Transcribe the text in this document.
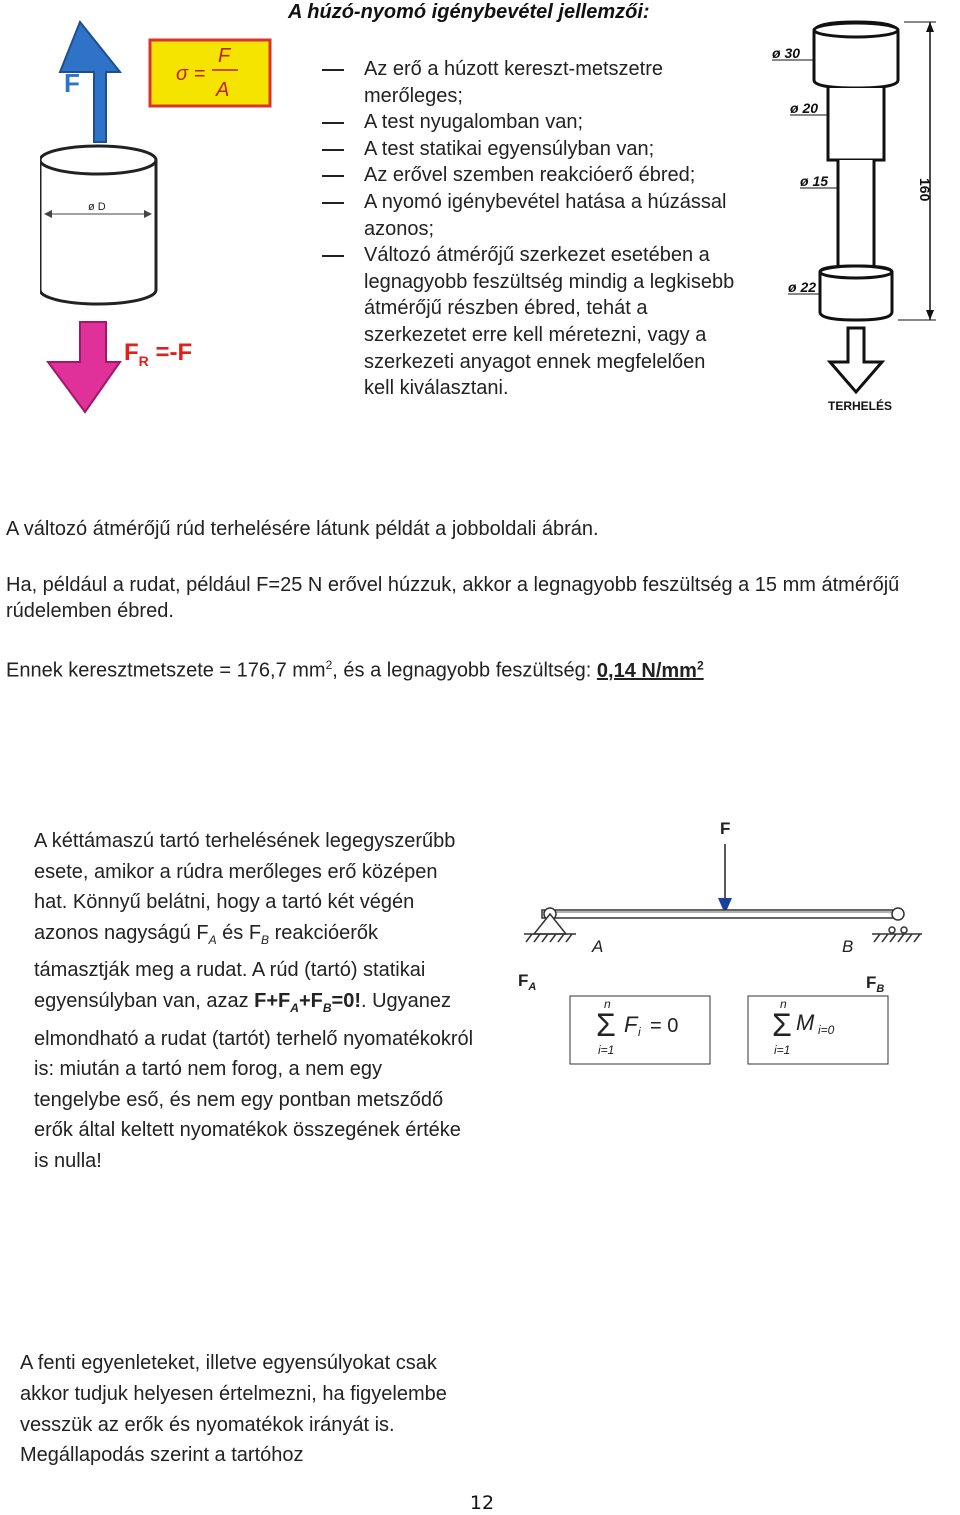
A húzó-nyomó igénybevétel jellemzői:
Az erő a húzott kereszt-metszetre merőleges;
A test nyugalomban van;
A test statikai egyensúlyban van;
Az erővel szemben reakcióerő ébred;
A nyomó igénybevétel hatása a húzással azonos;
Változó átmérőjű szerkezet esetében a legnagyobb feszültség mindig a legkisebb átmérőjű részben ébred, tehát a szerkezetet erre kell méretezni, vagy a szerkezeti anyagot ennek megfelelően kell kiválasztani.
F	σ =
F
A
ø D
$F_R =-F$
ø 30
ø 20
ø 15
ø 22
160
TERHELÉS
A változó átmérőjű rúd terhelésére látunk példát a jobboldali ábrán.
Ha, például a rudat, például F=25 N erővel húzzuk, akkor a legnagyobb feszültség a 15 mm átmérőjű rúdelemben ébred.
Ennek keresztmetszete = 176,7 $mm^2$, és a legnagyobb feszültség: 0,14 $N/mm^2$
A kéttámaszú tartó terhelésének legegyszerűbb esete, amikor a rúdra merőleges erő középen hat. Könnyű belátni, hogy a tartó két végén azonos nagyságú $F_A$ és $F_B$ reakcióerők támasztják meg a rudat. A rúd (tartó) statikai egyensúlyban van, azaz $F+F_A+F_B=0$!. Ugyanez elmondható a rudat (tartót) terhelő nyomatékokról is: miután a tartó nem forog, a nem egy tengelybe eső, és nem egy pontban metsződő erők által keltett nyomatékok összegének értéke is nulla!
F
A	B
$F_A$	$F_B$
n
Σ
i=1
F i = 0
n
Σ
i=1
M i=0
A fenti egyenleteket, illetve egyensúlyokat csak akkor tudjuk helyesen értelmezni, ha figyelembe vesszük az erők és nyomatékok irányát is. Megállapodás szerint a tartóhoz
12
